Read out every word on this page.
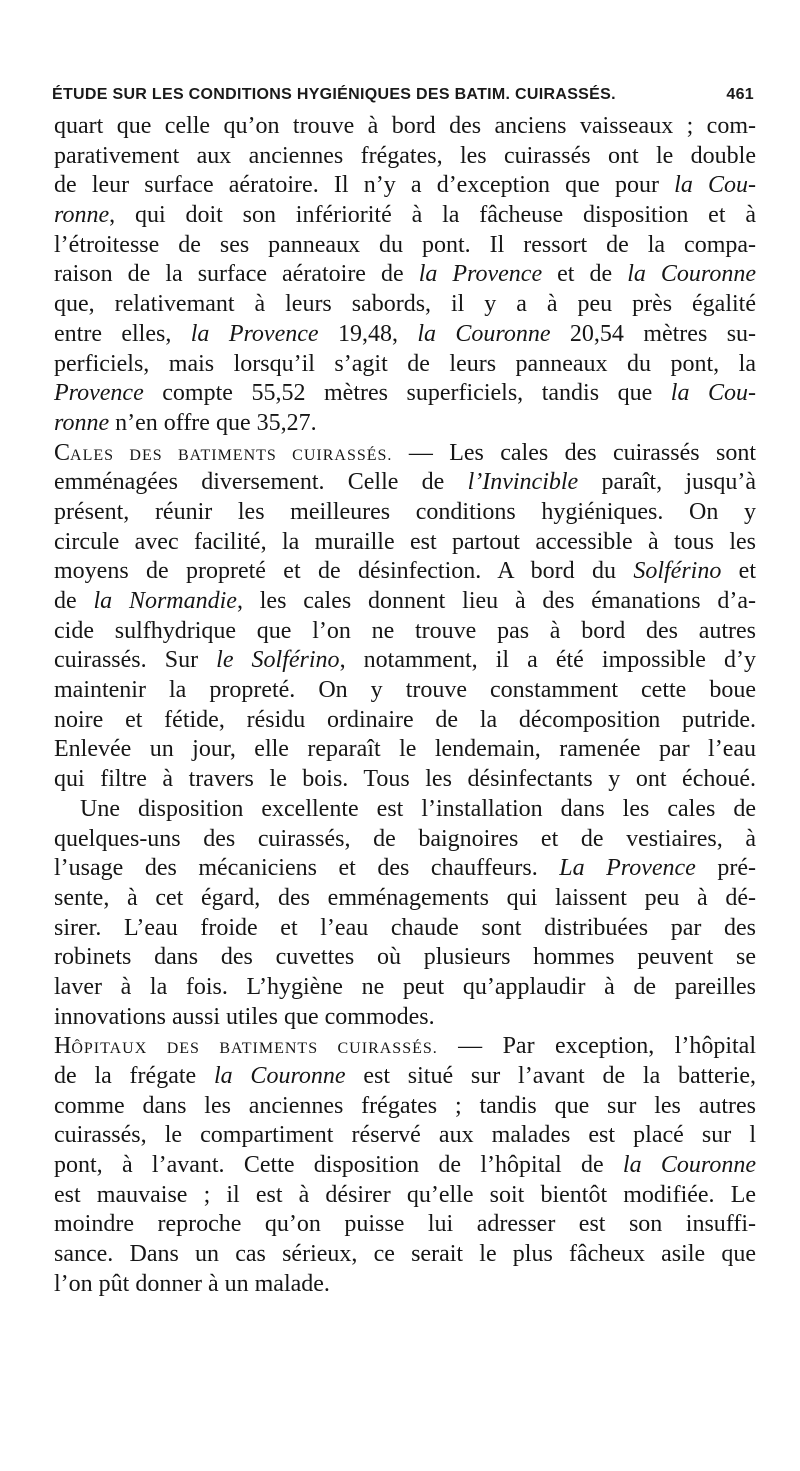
ÉTUDE SUR LES CONDITIONS HYGIÉNIQUES DES BATIM. CUIRASSÉS.	461
quart que celle qu’on trouve à bord des anciens vaisseaux ; com-
parativement aux anciennes frégates, les cuirassés ont le double
de leur surface aératoire. Il n’y a d’exception que pour la Cou-
ronne, qui doit son infériorité à la fâcheuse disposition et à
l’étroitesse de ses panneaux du pont. Il ressort de la compa-
raison de la surface aératoire de la Provence et de la Couronne
que, relativemant à leurs sabords, il y a à peu près égalité
entre elles, la Provence 19,48, la Couronne 20,54 mètres su-
perficiels, mais lorsqu’il s’agit de leurs panneaux du pont, la
Provence compte 55,52 mètres superficiels, tandis que la Cou-
ronne n’en offre que 35,27.
CALES DES BATIMENTS CUIRASSÉS. — Les cales des cuirassés sont
emménagées diversement. Celle de l’Invincible paraît, jusqu’à
présent, réunir les meilleures conditions hygiéniques. On y
circule avec facilité, la muraille est partout accessible à tous les
moyens de propreté et de désinfection. A bord du Solférino et
de la Normandie, les cales donnent lieu à des émanations d’a-
cide sulfhydrique que l’on ne trouve pas à bord des autres
cuirassés. Sur le Solférino, notamment, il a été impossible d’y
maintenir la propreté. On y trouve constamment cette boue
noire et fétide, résidu ordinaire de la décomposition putride.
Enlevée un jour, elle reparaît le lendemain, ramenée par l’eau
qui filtre à travers le bois. Tous les désinfectants y ont échoué.
Une disposition excellente est l’installation dans les cales de
quelques-uns des cuirassés, de baignoires et de vestiaires, à
l’usage des mécaniciens et des chauffeurs. La Provence pré-
sente, à cet égard, des emménagements qui laissent peu à dé-
sirer. L’eau froide et l’eau chaude sont distribuées par des
robinets dans des cuvettes où plusieurs hommes peuvent se
laver à la fois. L’hygiène ne peut qu’applaudir à de pareilles
innovations aussi utiles que commodes.
HÔPITAUX DES BATIMENTS CUIRASSÉS. — Par exception, l’hôpital
de la frégate la Couronne est situé sur l’avant de la batterie,
comme dans les anciennes frégates ; tandis que sur les autres
cuirassés, le compartiment réservé aux malades est placé sur l
pont, à l’avant. Cette disposition de l’hôpital de la Couronne
est mauvaise ; il est à désirer qu’elle soit bientôt modifiée. Le
moindre reproche qu’on puisse lui adresser est son insuffi-
sance. Dans un cas sérieux, ce serait le plus fâcheux asile que
l’on pût donner à un malade.
